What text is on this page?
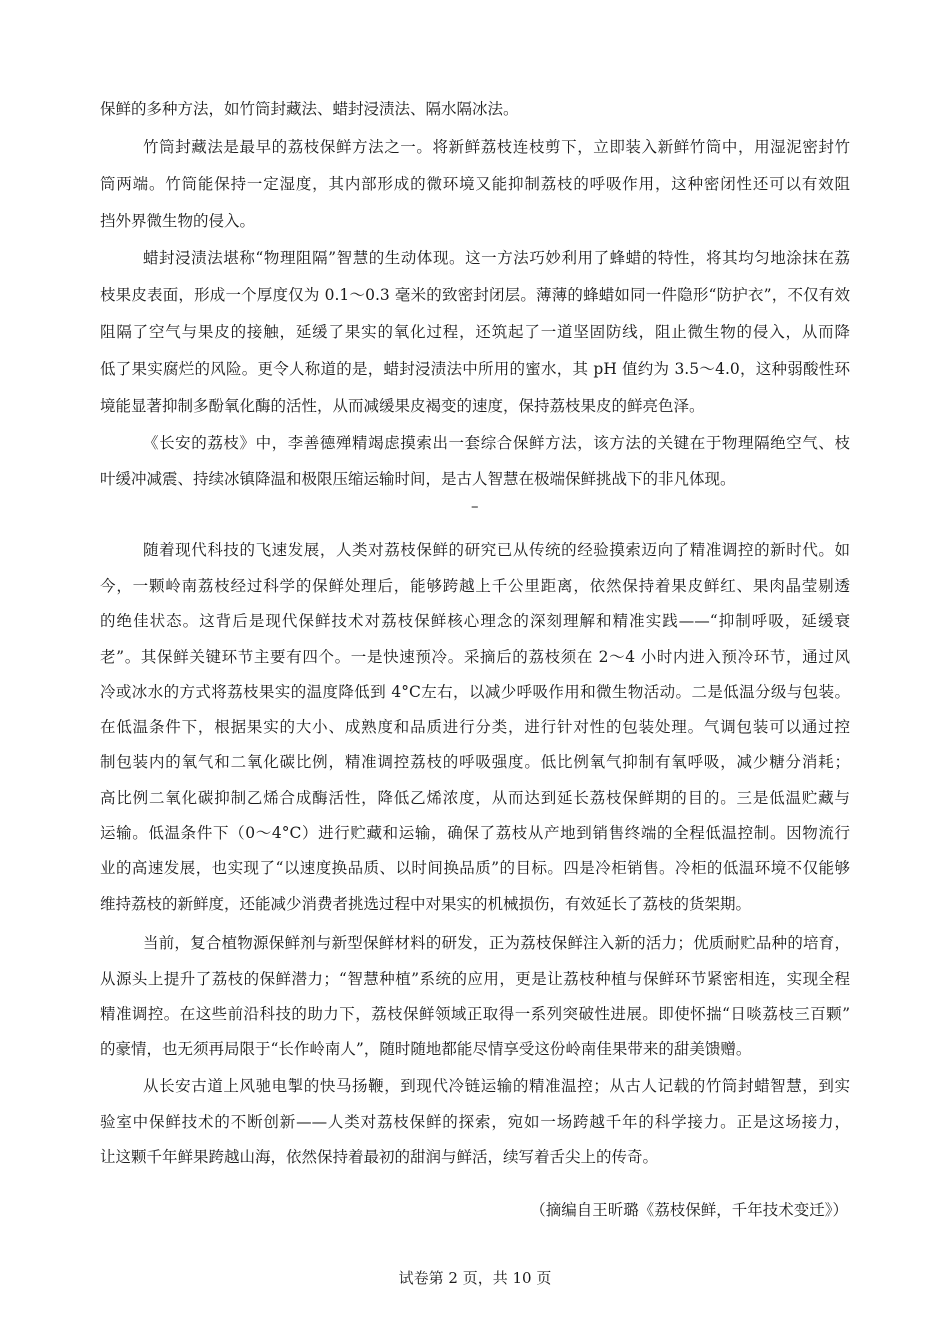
保鲜的多种方法，如竹筒封藏法、蜡封浸渍法、隔水隔冰法。

竹筒封藏法是最早的荔枝保鲜方法之一。将新鲜荔枝连枝剪下，立即装入新鲜竹筒中，用湿泥密封竹

筒两端。竹筒能保持一定湿度，其内部形成的微环境又能抑制荔枝的呼吸作用，这种密闭性还可以有效阻

挡外界微生物的侵入。

蜡封浸渍法堪称“物理阻隔”智慧的生动体现。这一方法巧妙利用了蜂蜡的特性，将其均匀地涂抹在荔

枝果皮表面，形成一个厚度仅为 0.1～0.3 毫米的致密封闭层。薄薄的蜂蜡如同一件隐形“防护衣”，不仅有效

阻隔了空气与果皮的接触，延缓了果实的氧化过程，还筑起了一道坚固防线，阻止微生物的侵入，从而降

低了果实腐烂的风险。更令人称道的是，蜡封浸渍法中所用的蜜水，其 pH 值约为 3.5～4.0，这种弱酸性环

境能显著抑制多酚氧化酶的活性，从而减缓果皮褐变的速度，保持荔枝果皮的鲜亮色泽。

《长安的荔枝》中，李善德殚精竭虑摸索出一套综合保鲜方法，该方法的关键在于物理隔绝空气、枝

叶缓冲减震、持续冰镇降温和极限压缩运输时间，是古人智慧在极端保鲜挑战下的非凡体现。

–

随着现代科技的飞速发展，人类对荔枝保鲜的研究已从传统的经验摸索迈向了精准调控的新时代。如

今，一颗岭南荔枝经过科学的保鲜处理后，能够跨越上千公里距离，依然保持着果皮鲜红、果肉晶莹剔透

的绝佳状态。这背后是现代保鲜技术对荔枝保鲜核心理念的深刻理解和精准实践——“抑制呼吸，延缓衰

老”。其保鲜关键环节主要有四个。一是快速预冷。采摘后的荔枝须在 2～4 小时内进入预冷环节，通过风

冷或冰水的方式将荔枝果实的温度降低到 4°C左右，以减少呼吸作用和微生物活动。二是低温分级与包装。

在低温条件下，根据果实的大小、成熟度和品质进行分类，进行针对性的包装处理。气调包装可以通过控

制包装内的氧气和二氧化碳比例，精准调控荔枝的呼吸强度。低比例氧气抑制有氧呼吸，减少糖分消耗；

高比例二氧化碳抑制乙烯合成酶活性，降低乙烯浓度，从而达到延长荔枝保鲜期的目的。三是低温贮藏与

运输。低温条件下（0～4°C）进行贮藏和运输，确保了荔枝从产地到销售终端的全程低温控制。因物流行

业的高速发展，也实现了“以速度换品质、以时间换品质”的目标。四是冷柜销售。冷柜的低温环境不仅能够

维持荔枝的新鲜度，还能减少消费者挑选过程中对果实的机械损伤，有效延长了荔枝的货架期。

当前，复合植物源保鲜剂与新型保鲜材料的研发，正为荔枝保鲜注入新的活力；优质耐贮品种的培育，

从源头上提升了荔枝的保鲜潜力；“智慧种植”系统的应用，更是让荔枝种植与保鲜环节紧密相连，实现全程

精准调控。在这些前沿科技的助力下，荔枝保鲜领域正取得一系列突破性进展。即使怀揣“日啖荔枝三百颗”

的豪情，也无须再局限于“长作岭南人”，随时随地都能尽情享受这份岭南佳果带来的甜美馈赠。

从长安古道上风驰电掣的快马扬鞭，到现代冷链运输的精准温控；从古人记载的竹筒封蜡智慧，到实

验室中保鲜技术的不断创新——人类对荔枝保鲜的探索，宛如一场跨越千年的科学接力。正是这场接力，

让这颗千年鲜果跨越山海，依然保持着最初的甜润与鲜活，续写着舌尖上的传奇。

（摘编自王昕璐《荔枝保鲜，千年技术变迁》）

试卷第 2 页，共 10 页
